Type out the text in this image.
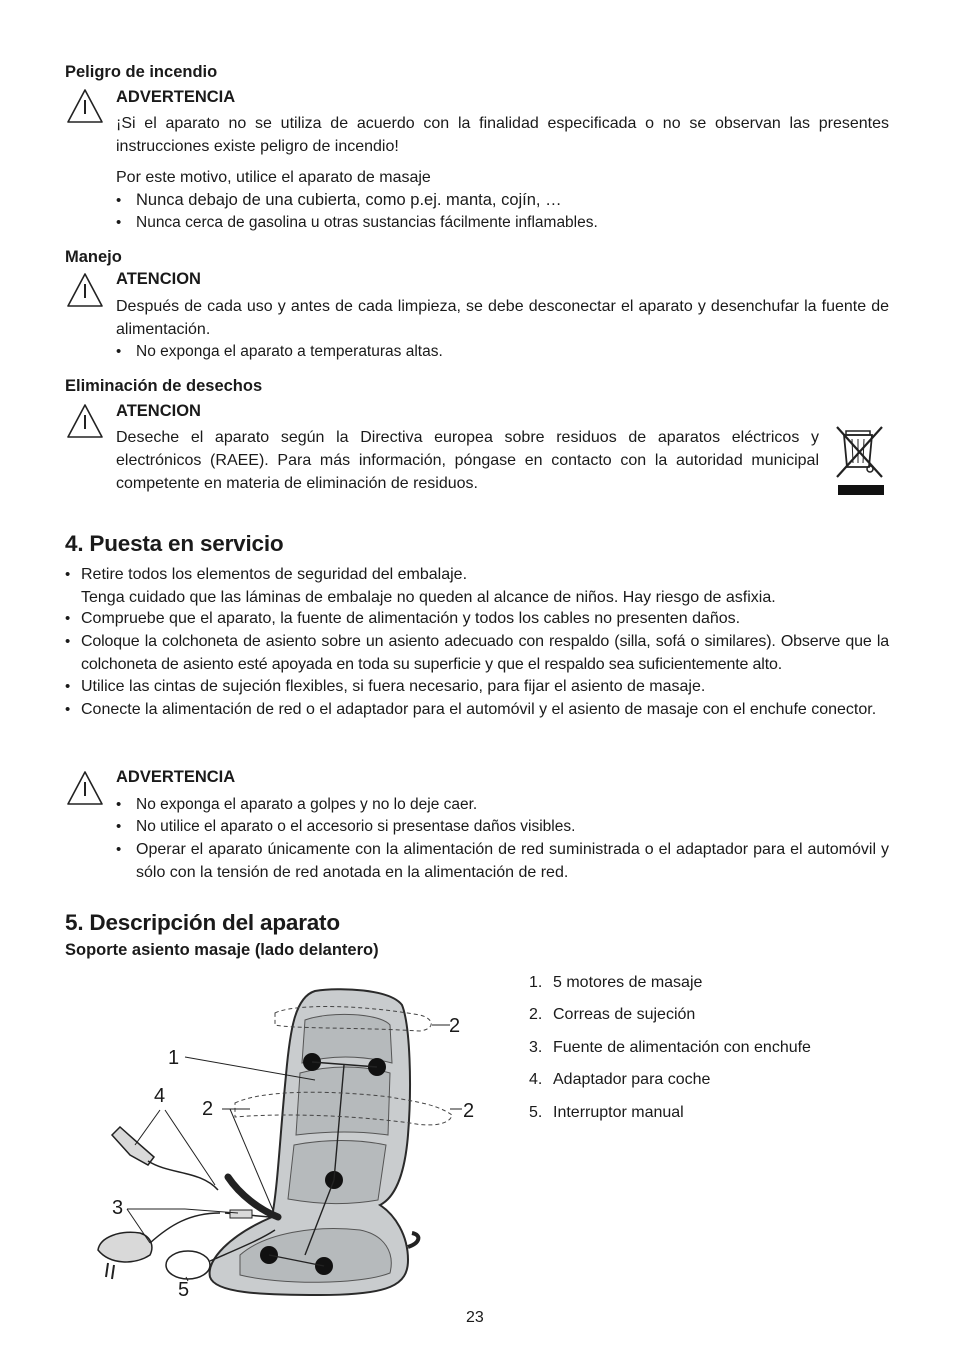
Peligro de incendio
ADVERTENCIA
¡Si el aparato no se utiliza de acuerdo con la finalidad especificada o no se observan las presentes instrucciones existe peligro de incendio!
Por este motivo, utilice el aparato de masaje
• Nunca debajo de una cubierta, como p.ej. manta, cojín, …
• Nunca cerca de gasolina u otras sustancias fácilmente inflamables.
Manejo
ATENCION
Después de cada uso y antes de cada limpieza, se debe desconectar el aparato y desenchufar la fuente de alimentación.
• No exponga el aparato a temperaturas altas.
Eliminación de desechos
ATENCION
Deseche el aparato según la Directiva europea sobre residuos de aparatos eléctricos y electrónicos (RAEE). Para más información, póngase en contacto con la autoridad municipal competente en materia de eliminación de residuos.
4. Puesta en servicio
• Retire todos los elementos de seguridad del embalaje.
Tenga cuidado que las láminas de embalaje no queden al alcance de niños. Hay riesgo de asfixia.
• Compruebe que el aparato, la fuente de alimentación y todos los cables no presenten daños.
• Coloque la colchoneta de asiento sobre un asiento adecuado con respaldo (silla, sofá o similares). Observe que la colchoneta de asiento esté apoyada en toda su superficie y que el respaldo sea suficientemente alto.
• Utilice las cintas de sujeción flexibles, si fuera necesario, para fijar el asiento de masaje.
• Conecte la alimentación de red o el adaptador para el automóvil y el asiento de masaje con el enchufe conector.
ADVERTENCIA
• No exponga el aparato a golpes y no lo deje caer.
• No utilice el aparato o el accesorio si presentase daños visibles.
• Operar el aparato únicamente con la alimentación de red suministrada o el adaptador para el automóvil y sólo con la tensión de red anotada en la alimentación de red.
5. Descripción del aparato
Soporte asiento masaje (lado delantero)
1. 5 motores de masaje
2. Correas de sujeción
3. Fuente de alimentación con enchufe
4. Adaptador para coche
5. Interruptor manual
1
2
2	2
3
4
5
23
